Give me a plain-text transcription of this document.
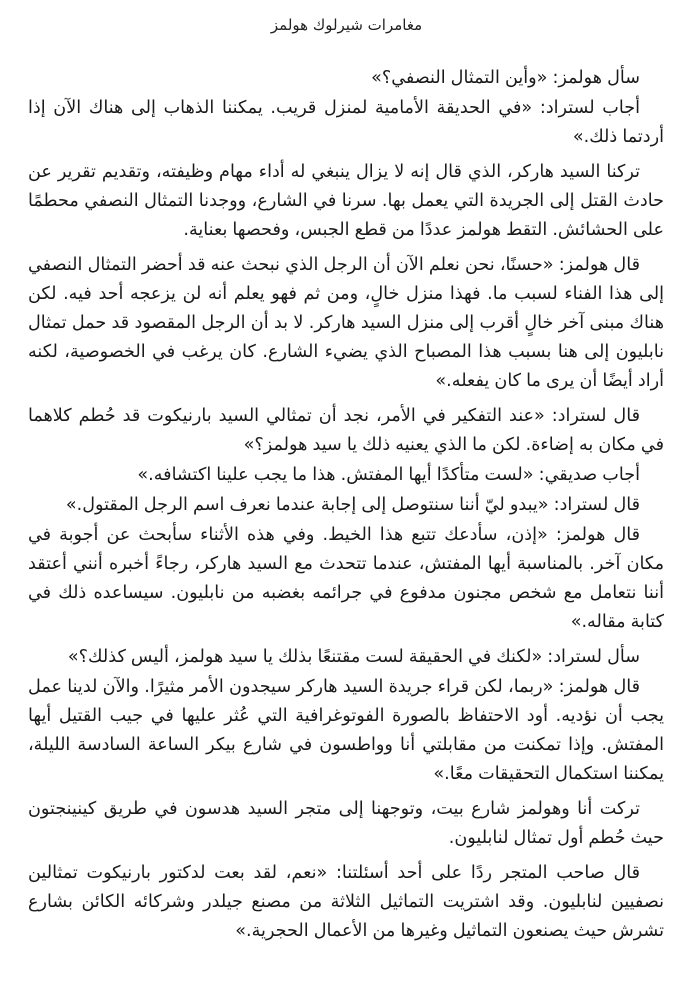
مغامرات شيرلوك هولمز

سأل هولمز: «وأين التمثال النصفي؟»

أجاب لستراد: «في الحديقة الأمامية لمنزل قريب. يمكننا الذهاب إلى هناك الآن إذا أردتما ذلك.»

تركنا السيد هاركر، الذي قال إنه لا يزال ينبغي له أداء مهام وظيفته، وتقديم تقرير عن حادث القتل إلى الجريدة التي يعمل بها. سرنا في الشارع، ووجدنا التمثال النصفي محطمًا على الحشائش. التقط هولمز عددًا من قطع الجبس، وفحصها بعناية.

قال هولمز: «حسنًا، نحن نعلم الآن أن الرجل الذي نبحث عنه قد أحضر التمثال النصفي إلى هذا الفناء لسبب ما. فهذا منزل خالٍ، ومن ثم فهو يعلم أنه لن يزعجه أحد فيه. لكن هناك مبنى آخر خالٍ أقرب إلى منزل السيد هاركر. لا بد أن الرجل المقصود قد حمل تمثال نابليون إلى هنا بسبب هذا المصباح الذي يضيء الشارع. كان يرغب في الخصوصية، لكنه أراد أيضًا أن يرى ما كان يفعله.»

قال لستراد: «عند التفكير في الأمر، نجد أن تمثالي السيد بارنيكوت قد حُطم كلاهما في مكان به إضاءة. لكن ما الذي يعنيه ذلك يا سيد هولمز؟»

أجاب صديقي: «لست متأكدًا أيها المفتش. هذا ما يجب علينا اكتشافه.»

قال لستراد: «يبدو ليّ أننا سنتوصل إلى إجابة عندما نعرف اسم الرجل المقتول.»

قال هولمز: «إذن، سأدعك تتبع هذا الخيط. وفي هذه الأثناء سأبحث عن أجوبة في مكان آخر. بالمناسبة أيها المفتش، عندما تتحدث مع السيد هاركر، رجاءً أخبره أنني أعتقد أننا نتعامل مع شخص مجنون مدفوع في جرائمه بغضبه من نابليون. سيساعده ذلك في كتابة مقاله.»

سأل لستراد: «لكنك في الحقيقة لست مقتنعًا بذلك يا سيد هولمز، أليس كذلك؟»

قال هولمز: «ربما، لكن قراء جريدة السيد هاركر سيجدون الأمر مثيرًا. والآن لدينا عمل يجب أن نؤديه. أود الاحتفاظ بالصورة الفوتوغرافية التي عُثر عليها في جيب القتيل أيها المفتش. وإذا تمكنت من مقابلتي أنا وواطسون في شارع بيكر الساعة السادسة الليلة، يمكننا استكمال التحقيقات معًا.»

تركت أنا وهولمز شارع بيت، وتوجهنا إلى متجر السيد هدسون في طريق كينينجتون حيث حُطم أول تمثال لنابليون.

قال صاحب المتجر ردًا على أحد أسئلتنا: «نعم، لقد بعت لدكتور بارنيكوت تمثالين نصفيين لنابليون. وقد اشتريت التماثيل الثلاثة من مصنع جيلدر وشركائه الكائن بشارع تشرش حيث يصنعون التماثيل وغيرها من الأعمال الحجرية.»
